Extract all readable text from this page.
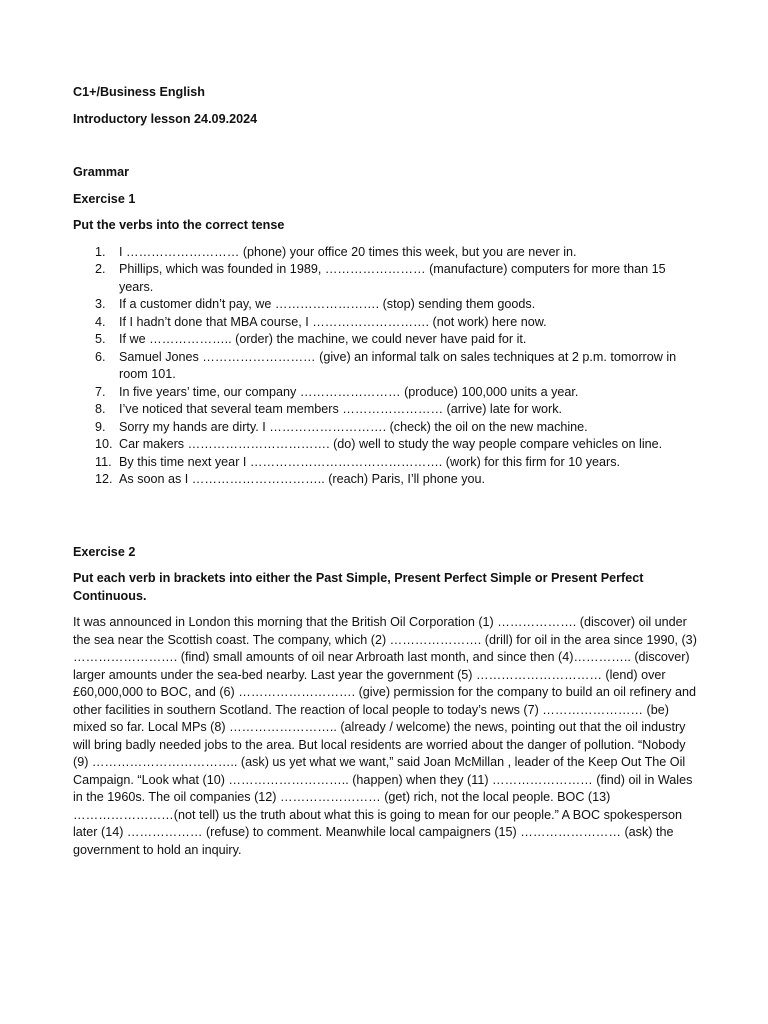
C1+/Business English

Introductory lesson 24.09.2024

Grammar

Exercise 1

Put the verbs into the correct tense

1. I ……………………… (phone) your office 20 times this week, but you are never in.
2. Phillips, which was founded in 1989, …………………… (manufacture) computers for more than 15 years.
3. If a customer didn’t pay, we ……………………. (stop) sending them goods.
4. If I hadn’t done that MBA course, I ………………………. (not work) here now.
5. If we ……………….. (order) the machine, we could never have paid for it.
6. Samuel Jones ……………………… (give) an informal talk on sales techniques at 2 p.m. tomorrow in room 101.
7. In five years’ time, our company …………………… (produce) 100,000 units a year.
8. I’ve noticed that several team members …………………… (arrive) late for work.
9. Sorry my hands are dirty. I ………………………. (check) the oil on the new machine.
10. Car makers ……………………………. (do) well to study the way people compare vehicles on line.
11. By this time next year I ………………………………………. (work) for this firm for 10 years.
12. As soon as I ………………………….. (reach) Paris, I’ll phone you.

Exercise 2

Put each verb in brackets into either the Past Simple, Present Perfect Simple or Present Perfect Continuous.

It was announced in London this morning that the British Oil Corporation (1) ………………. (discover) oil under the sea near the Scottish coast. The company, which (2) …………………. (drill) for oil in the area since 1990, (3) ……………………. (find) small amounts of oil near Arbroath last month, and since then (4)………….. (discover) larger amounts under the sea-bed nearby. Last year the government (5) ………………………… (lend) over £60,000,000 to BOC, and (6) ………………………. (give) permission for the company to build an oil refinery and other facilities in southern Scotland. The reaction of local people to today’s news (7) …………………… (be) mixed so far. Local MPs (8) …………………….. (already / welcome) the news, pointing out that the oil industry will bring badly needed jobs to the area. But local residents are worried about the danger of pollution. “Nobody (9) …………………………….. (ask) us yet what we want,” said Joan McMillan , leader of the Keep Out The Oil Campaign. “Look what (10) ……………………….. (happen) when they (11) …………………… (find) oil in Wales in the 1960s. The oil companies (12) …………………… (get) rich, not the local people. BOC (13) ……………………(not tell) us the truth about what this is going to mean for our people.” A BOC spokesperson later (14) ……………… (refuse) to comment. Meanwhile local campaigners (15) …………………… (ask) the government to hold an inquiry.
